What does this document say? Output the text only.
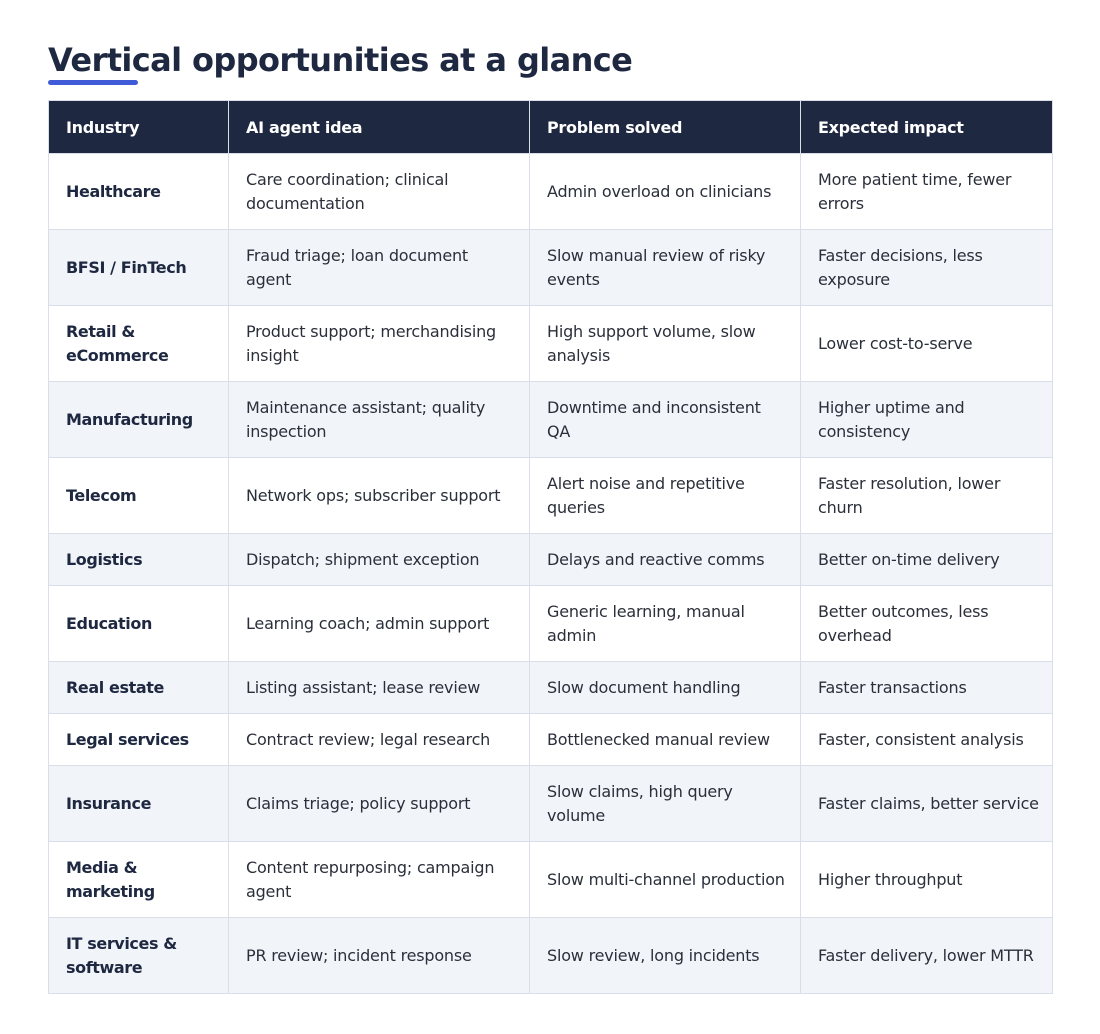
Vertical opportunities at a glance
Industry	AI agent idea	Problem solved	Expected impact
Healthcare	Care coordination; clinical documentation	Admin overload on clinicians	More patient time, fewer errors
BFSI / FinTech	Fraud triage; loan document agent	Slow manual review of risky events	Faster decisions, less exposure
Retail & eCommerce	Product support; merchandising insight	High support volume, slow analysis	Lower cost-to-serve
Manufacturing	Maintenance assistant; quality inspection	Downtime and inconsistent QA	Higher uptime and consistency
Telecom	Network ops; subscriber support	Alert noise and repetitive queries	Faster resolution, lower churn
Logistics	Dispatch; shipment exception	Delays and reactive comms	Better on-time delivery
Education	Learning coach; admin support	Generic learning, manual admin	Better outcomes, less overhead
Real estate	Listing assistant; lease review	Slow document handling	Faster transactions
Legal services	Contract review; legal research	Bottlenecked manual review	Faster, consistent analysis
Insurance	Claims triage; policy support	Slow claims, high query volume	Faster claims, better service
Media & marketing	Content repurposing; campaign agent	Slow multi-channel production	Higher throughput
IT services & software	PR review; incident response	Slow review, long incidents	Faster delivery, lower MTTR
